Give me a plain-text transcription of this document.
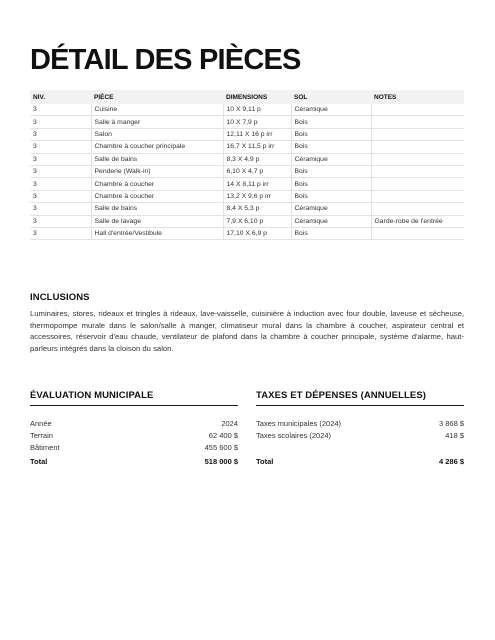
DÉTAIL DES PIÈCES
NIV.	PIÈCE	DIMENSIONS	SOL	NOTES
3	Cuisine	10 X 9,11 p	Céramique	
3	Salle à manger	10 X 7,9 p	Bois	
3	Salon	12,11 X 16 p irr	Bois	
3	Chambre à coucher principale	16,7 X 11,5 p irr	Bois	
3	Salle de bains	8,3 X 4,9 p	Céramique	
3	Penderie (Walk-in)	6,10 X 4,7 p	Bois	
3	Chambre à coucher	14 X 8,11 p irr	Bois	
3	Chambre à coucher	13,2 X 9,6 p irr	Bois	
3	Salle de bains	8,4 X 5,3 p	Céramique	
3	Salle de lavage	7,9 X 6,10 p	Céramique	Garde-robe de l'entrée
3	Hall d'entrée/Vestibule	17,10 X 6,9 p	Bois	
INCLUSIONS

Luminaires, stores, rideaux et tringles à rideaux, lave-vaisselle, cuisinière à induction avec four double, laveuse et sècheuse, thermopompe murale dans le salon/salle à manger, climatiseur mural dans la chambre à coucher, aspirateur central et accessoires, réservoir d'eau chaude, ventilateur de plafond dans la chambre à coucher principale, système d'alarme, haut-parleurs intégrés dans la cloison du salon.

ÉVALUATION MUNICIPALE
Année	2024
Terrain	62 400 $
Bâtiment	455 600 $
Total	518 000 $
TAXES ET DÉPENSES (ANNUELLES)
Taxes municipales (2024)	3 868 $
Taxes scolaires (2024)	418 $
Total	4 286 $
